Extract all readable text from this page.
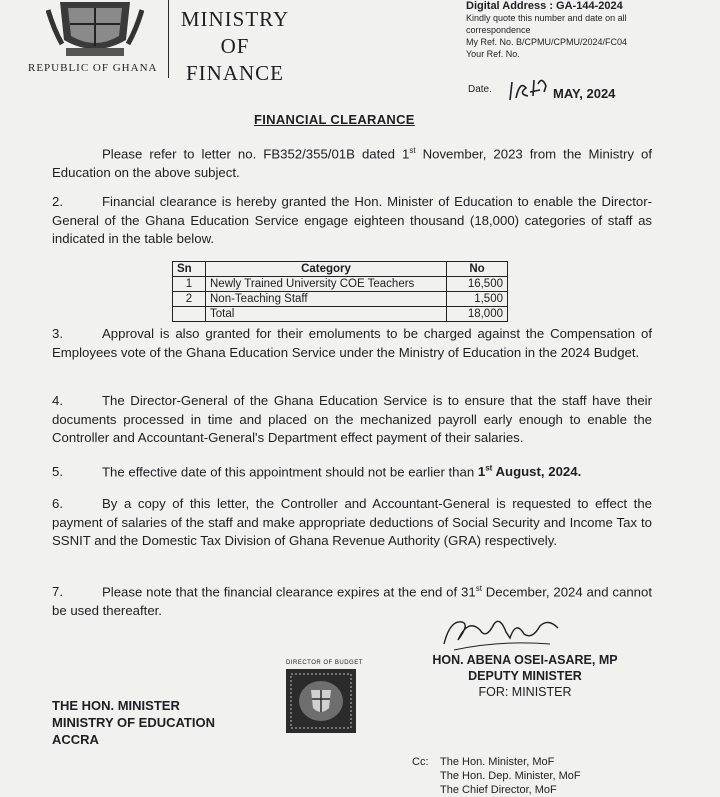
REPUBLIC OF GHANA
MINISTRY
OF
FINANCE
Digital Address : GA-144-2024
Kindly quote this number and date on all
correspondence
My Ref. No. B/CPMU/CPMU/2024/FC04
Your Ref. No.
Date.	MAY, 2024
FINANCIAL CLEARANCE
Please refer to letter no. FB352/355/01B dated 1st November, 2023 from the Ministry of Education on the above subject.
2.	Financial clearance is hereby granted the Hon. Minister of Education to enable the Director-General of the Ghana Education Service engage eighteen thousand (18,000) categories of staff as indicated in the table below.
Sn	Category	No
1	Newly Trained University COE Teachers	16,500
2	Non-Teaching Staff	1,500
	Total	18,000
3.	Approval is also granted for their emoluments to be charged against the Compensation of Employees vote of the Ghana Education Service under the Ministry of Education in the 2024 Budget.
4.	The Director-General of the Ghana Education Service is to ensure that the staff have their documents processed in time and placed on the mechanized payroll early enough to enable the Controller and Accountant-General's Department effect payment of their salaries.
5.	The effective date of this appointment should not be earlier than 1st August, 2024.
6.	By a copy of this letter, the Controller and Accountant-General is requested to effect the payment of salaries of the staff and make appropriate deductions of Social Security and Income Tax to SSNIT and the Domestic Tax Division of Ghana Revenue Authority (GRA) respectively.
7.	Please note that the financial clearance expires at the end of 31st December, 2024 and cannot be used thereafter.
HON. ABENA OSEI-ASARE, MP
DEPUTY MINISTER
FOR: MINISTER
DIRECTOR OF BUDGET
THE HON. MINISTER
MINISTRY OF EDUCATION
ACCRA
Cc: The Hon. Minister, MoF
The Hon. Dep. Minister, MoF
The Chief Director, MoF
